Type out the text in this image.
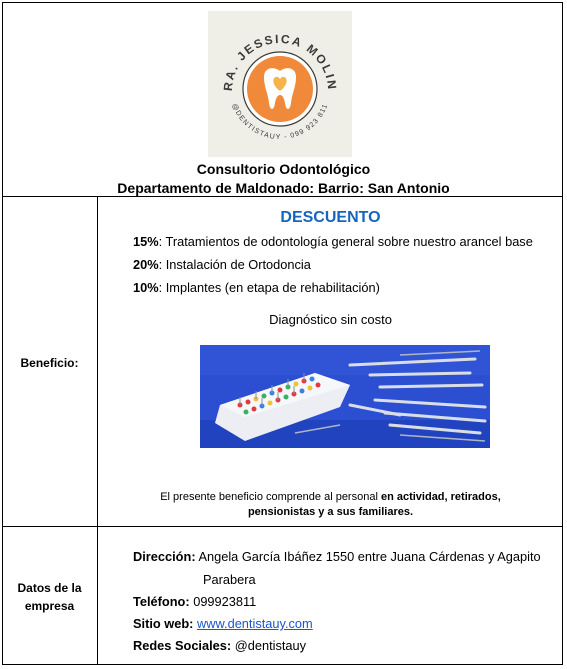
RA. JESSICA MOLIN
@DENTISTAUY - 099 923 811
Consultorio Odontológico
Departamento de Maldonado: Barrio: San Antonio
Beneficio:
DESCUENTO
15%: Tratamientos de odontología general sobre nuestro arancel base
20%: Instalación de Ortodoncia
10%: Implantes (en etapa de rehabilitación)
Diagnóstico sin costo
El presente beneficio comprende al personal en actividad, retirados,
pensionistas y a sus familiares.
Datos de la
empresa
Dirección: Angela García Ibáñez 1550 entre Juana Cárdenas y Agapito
Parabera
Teléfono: 099923811
Sitio web: www.dentistauy.com
Redes Sociales: @dentistauy
